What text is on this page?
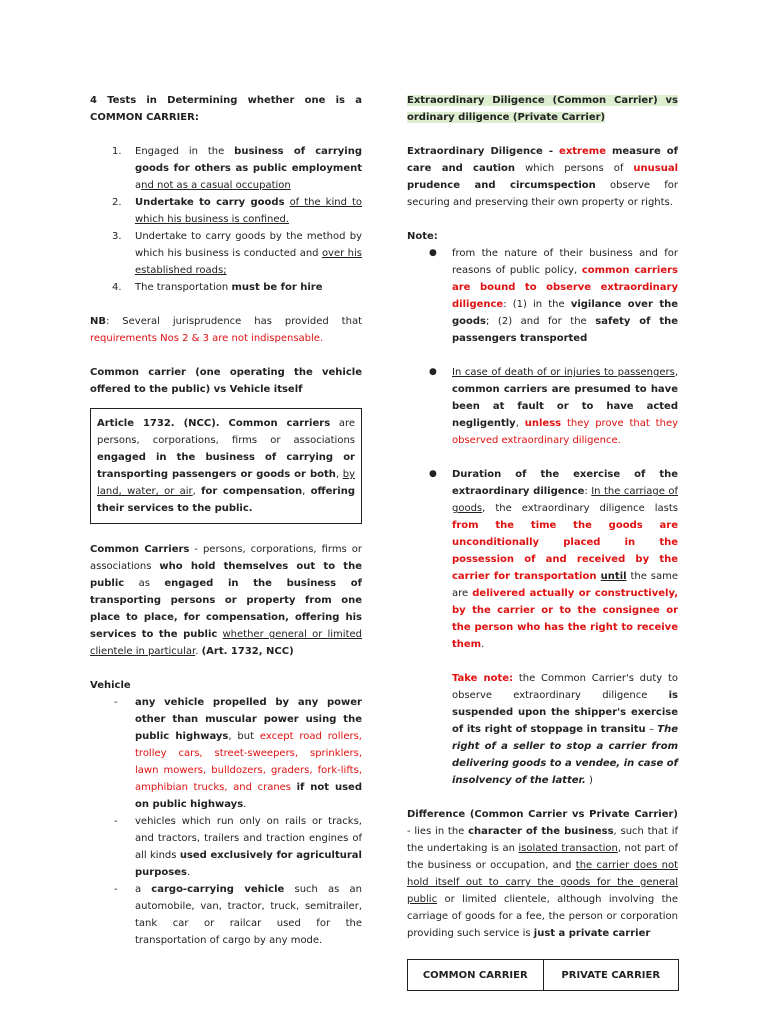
4 Tests in Determining whether one is a COMMON CARRIER:

1.	Engaged in the business of carrying goods for others as public employment and not as a casual occupation
2.	Undertake to carry goods of the kind to which his business is confined.
3.	Undertake to carry goods by the method by which his business is conducted and over his established roads;
4.	The transportation must be for hire

NB: Several jurisprudence has provided that requirements Nos 2 & 3 are not indispensable.

Common carrier (one operating the vehicle offered to the public) vs Vehicle itself

Article 1732. (NCC). Common carriers are persons, corporations, firms or associations engaged in the business of carrying or transporting passengers or goods or both, by land, water, or air, for compensation, offering their services to the public.

Common Carriers - persons, corporations, firms or associations who hold themselves out to the public as engaged in the business of transporting persons or property from one place to place, for compensation, offering his services to the public whether general or limited clientele in particular. (Art. 1732, NCC)

Vehicle

-	any vehicle propelled by any power other than muscular power using the public highways, but except road rollers, trolley cars, street-sweepers, sprinklers, lawn mowers, bulldozers, graders, fork-lifts, amphibian trucks, and cranes if not used on public highways.
-	vehicles which run only on rails or tracks, and tractors, trailers and traction engines of all kinds used exclusively for agricultural purposes.
-	a cargo-carrying vehicle such as an automobile, van, tractor, truck, semitrailer, tank car or railcar used for the transportation of cargo by any mode.

Extraordinary Diligence (Common Carrier) vs ordinary diligence (Private Carrier)

Extraordinary Diligence - extreme measure of care and caution which persons of unusual prudence and circumspection observe for securing and preserving their own property or rights.

Note:

●	from the nature of their business and for reasons of public policy, common carriers are bound to observe extraordinary diligence: (1) in the vigilance over the goods; (2) and for the safety of the passengers transported
●	In case of death of or injuries to passengers, common carriers are presumed to have been at fault or to have acted negligently, unless they prove that they observed extraordinary diligence.
●	Duration of the exercise of the extraordinary diligence: In the carriage of goods, the extraordinary diligence lasts from the time the goods are unconditionally placed in the possession of and received by the carrier for transportation until the same are delivered actually or constructively, by the carrier or to the consignee or the person who has the right to receive them.

Take note: the Common Carrier's duty to observe extraordinary diligence is suspended upon the shipper's exercise of its right of stoppage in transitu – The right of a seller to stop a carrier from delivering goods to a vendee, in case of insolvency of the latter. )

Difference (Common Carrier vs Private Carrier) - lies in the character of the business, such that if the undertaking is an isolated transaction, not part of the business or occupation, and the carrier does not hold itself out to carry the goods for the general public or limited clientele, although involving the carriage of goods for a fee, the person or corporation providing such service is just a private carrier

COMMON CARRIER	PRIVATE CARRIER
